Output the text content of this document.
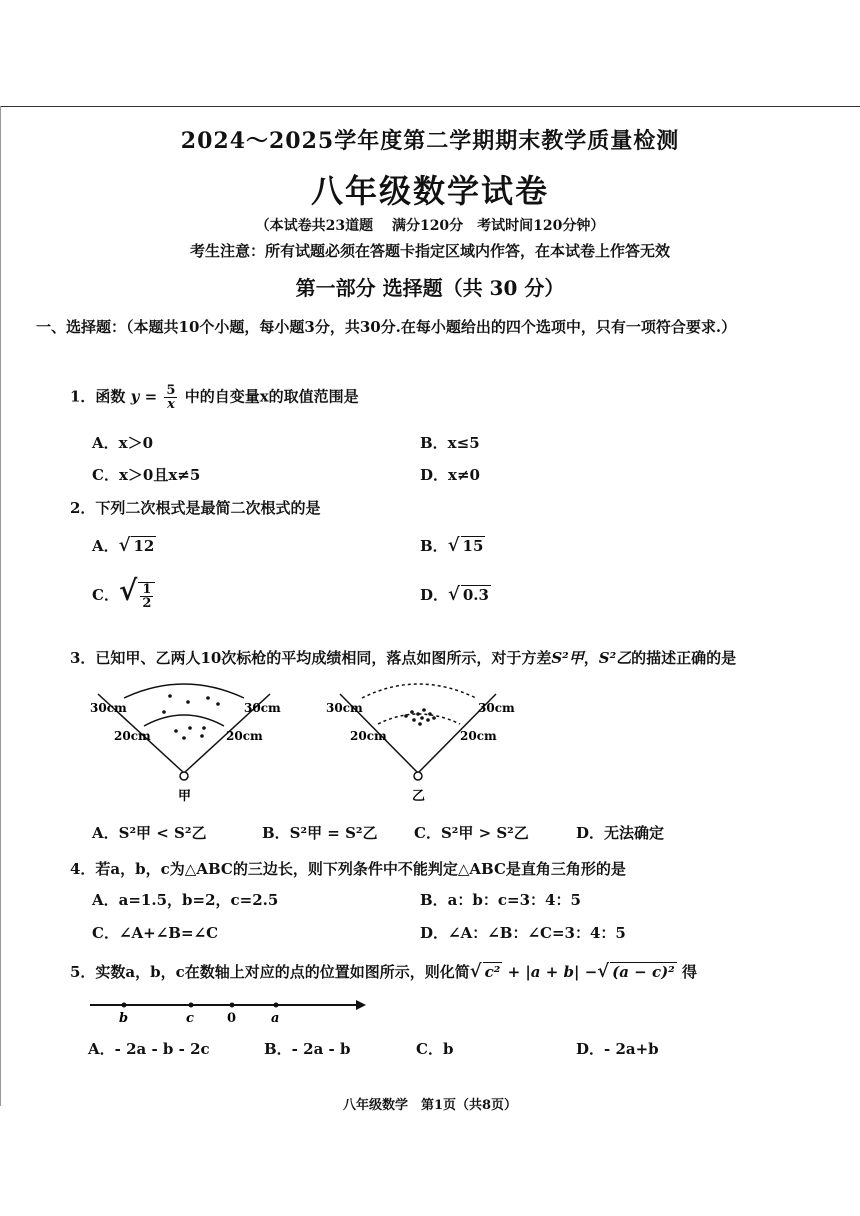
2024～2025学年度第二学期期末教学质量检测
八年级数学试卷
（本试卷共23道题　 满分120分　考试时间120分钟）
考生注意：所有试题必须在答题卡指定区域内作答，在本试卷上作答无效
第一部分 选择题（共 30 分）
一、选择题：（本题共10个小题，每小题3分，共30分.在每小题给出的四个选项中，只有一项符合要求.）
1．函数 $y = \frac{5}{x}$ 中的自变量x的取值范围是
A．x＞0	B．x≤5
C．x＞0且x≠5	D．x≠0
2．下列二次根式是最简二次根式的是
A．√ 12	B．√ 15
C．√ $\frac{1}{2}$	D．√ 0.3
3．已知甲、乙两人10次标枪的平均成绩相同，落点如图所示，对于方差S²甲，S²乙的描述正确的是
30cm	30cm
20cm	20cm
甲
30cm	30cm
20cm	20cm
乙
A．S²甲 < S²乙	B．S²甲 = S²乙 C．S²甲 > S²乙	D．无法确定
4．若a，b，c为△ABC的三边长，则下列条件中不能判定△ABC是直角三角形的是
A．a=1.5，b=2，c=2.5	B．a：b：c=3：4：5
C．∠A+∠B=∠C	D．∠A：∠B：∠C=3：4：5
5．实数a，b，c在数轴上对应的点的位置如图所示，则化简√ c² + |a + b| −√ (a − c)² 得
b	c	0	a
A．- 2a - b - 2c	B．- 2a - b	C．b	D．- 2a+b
八年级数学　第1页（共8页）
